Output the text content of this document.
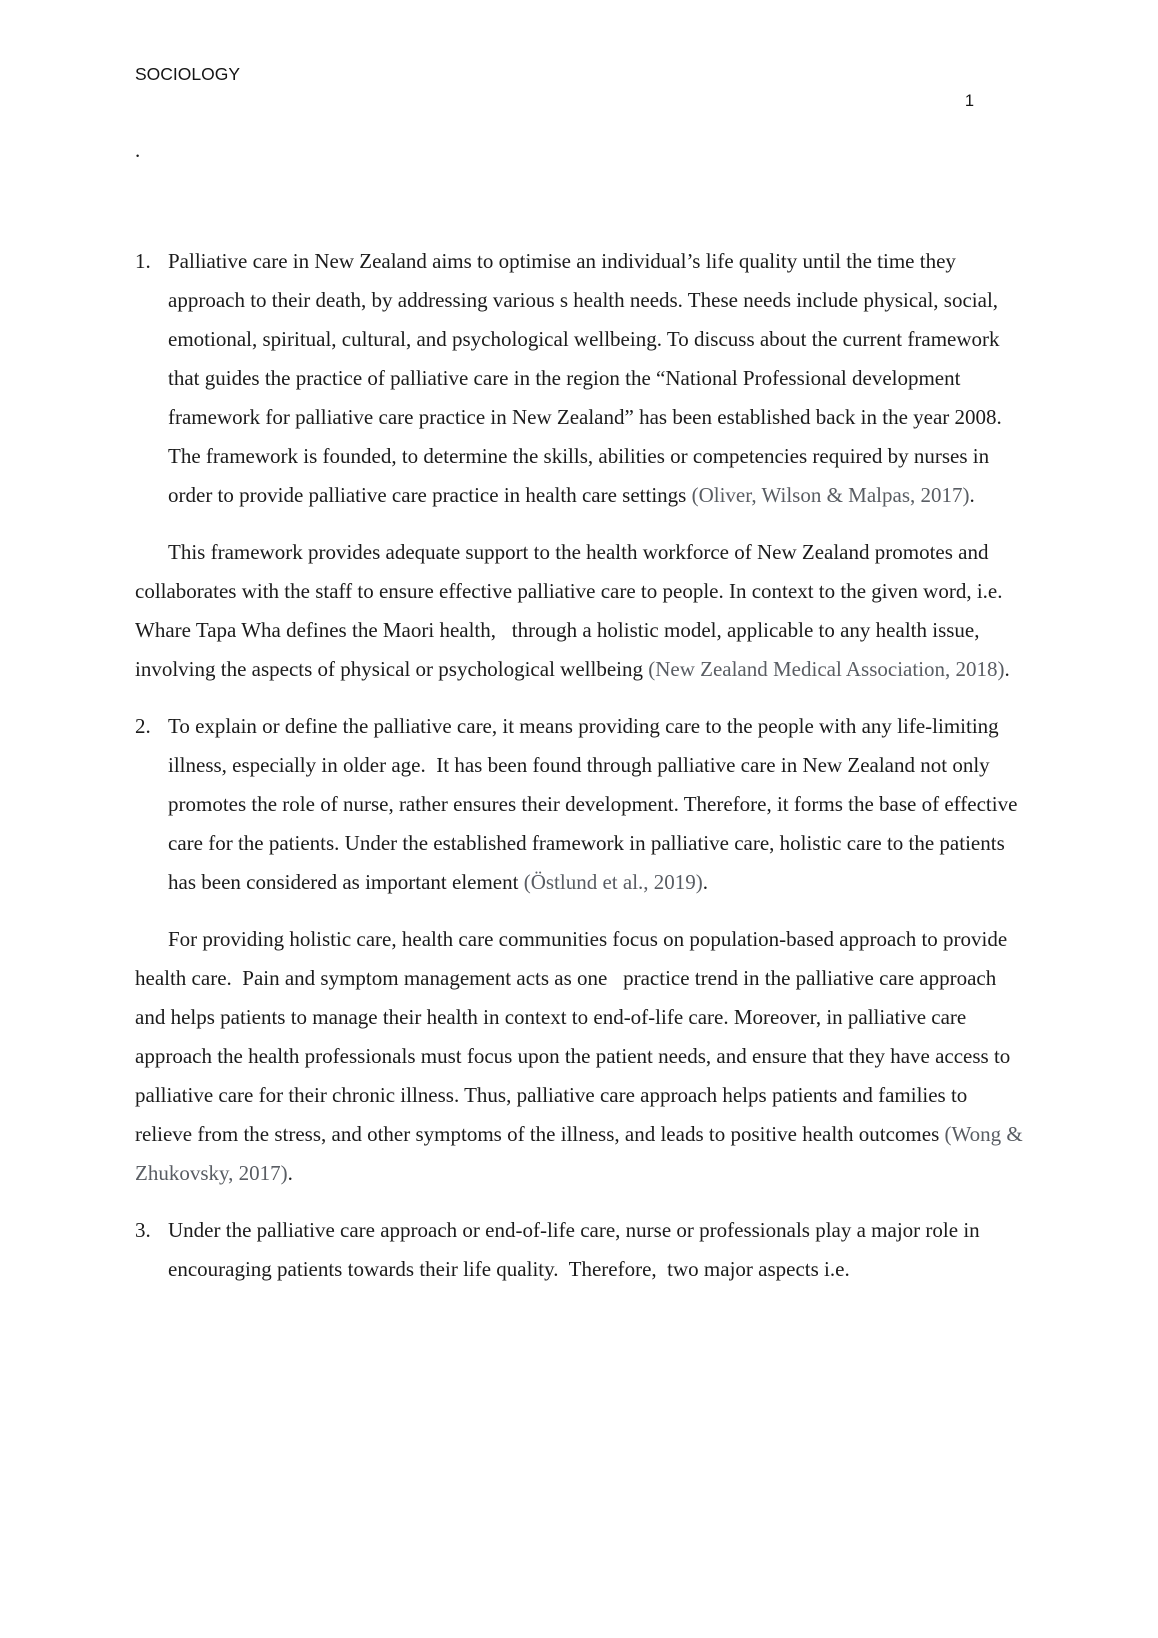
SOCIOLOGY
1
.
1. Palliative care in New Zealand aims to optimise an individual’s life quality until the time they approach to their death, by addressing various s health needs. These needs include physical, social, emotional, spiritual, cultural, and psychological wellbeing. To discuss about the current framework that guides the practice of palliative care in the region the “National Professional development framework for palliative care practice in New Zealand” has been established back in the year 2008.  The framework is founded, to determine the skills, abilities or competencies required by nurses in order to provide palliative care practice in health care settings (Oliver, Wilson & Malpas, 2017).
This framework provides adequate support to the health workforce of New Zealand promotes and collaborates with the staff to ensure effective palliative care to people. In context to the given word, i.e. Whare Tapa Wha defines the Maori health,   through a holistic model, applicable to any health issue, involving the aspects of physical or psychological wellbeing (New Zealand Medical Association, 2018).
2. To explain or define the palliative care, it means providing care to the people with any life-limiting illness, especially in older age.  It has been found through palliative care in New Zealand not only promotes the role of nurse, rather ensures their development. Therefore, it forms the base of effective care for the patients. Under the established framework in palliative care, holistic care to the patients has been considered as important element (Östlund et al., 2019).
For providing holistic care, health care communities focus on population-based approach to provide health care.  Pain and symptom management acts as one   practice trend in the palliative care approach and helps patients to manage their health in context to end-of-life care. Moreover, in palliative care approach the health professionals must focus upon the patient needs, and ensure that they have access to palliative care for their chronic illness. Thus, palliative care approach helps patients and families to relieve from the stress, and other symptoms of the illness, and leads to positive health outcomes (Wong & Zhukovsky, 2017).
3. Under the palliative care approach or end-of-life care, nurse or professionals play a major role in encouraging patients towards their life quality.  Therefore,  two major aspects i.e.
